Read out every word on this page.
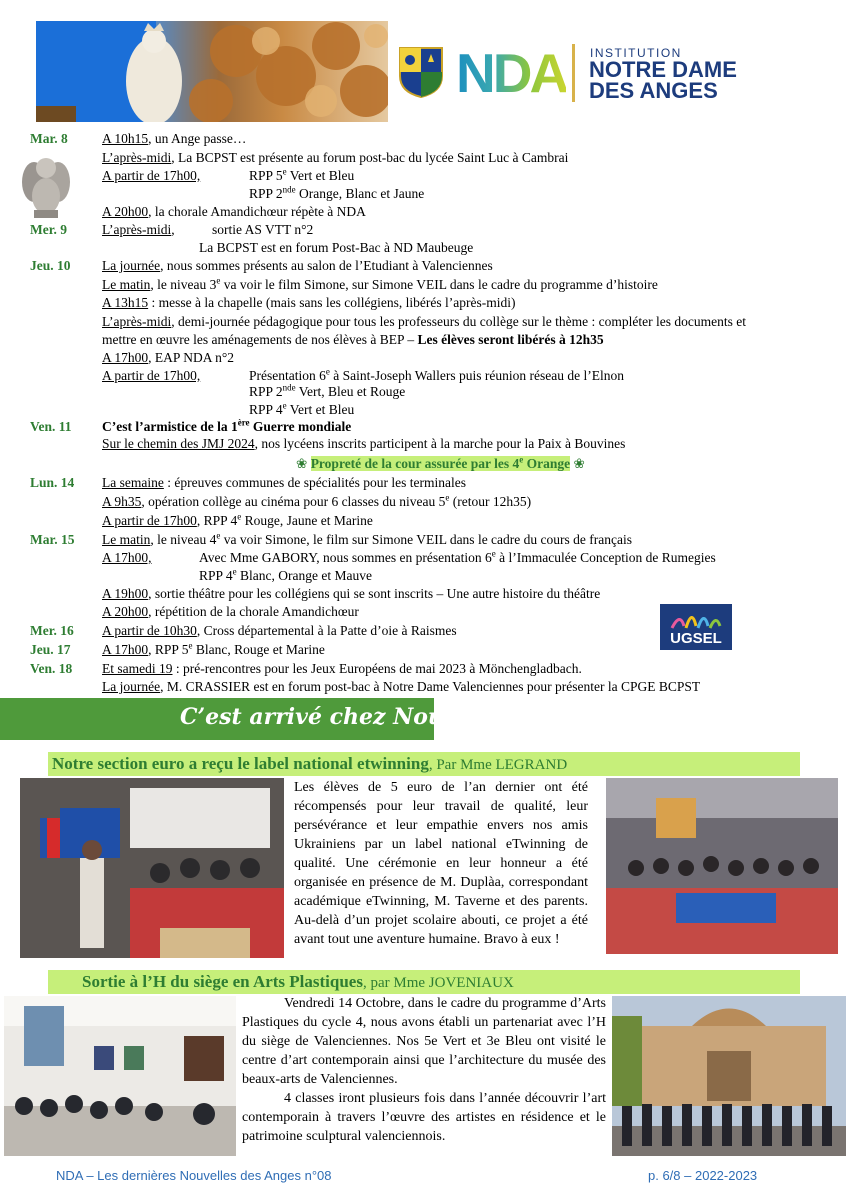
NDA INSTITUTION
NOTRE DAME
DES ANGES
Mar. 8	A 10h15, un Ange passe…
L’après-midi, La BCPST est présente au forum post-bac du lycée Saint Luc à Cambrai
A partir de 17h00,	RPP 5e Vert et Bleu
RPP 2nde Orange, Blanc et Jaune
A 20h00, la chorale Amandichœur répète à NDA
Mer. 9	L’après-midi,	sortie AS VTT n°2
La BCPST est en forum Post-Bac à ND Maubeuge
Jeu. 10 La journée, nous sommes présents au salon de l’Etudiant à Valenciennes
Le matin, le niveau 3e va voir le film Simone, sur Simone VEIL dans le cadre du programme d’histoire
A 13h15 : messe à la chapelle (mais sans les collégiens, libérés l’après-midi)
L’après-midi, demi-journée pédagogique pour tous les professeurs du collège sur le thème : compléter les documents et
mettre en œuvre les aménagements de nos élèves à BEP – Les élèves seront libérés à 12h35
A 17h00, EAP NDA n°2
A partir de 17h00,	Présentation 6e à Saint-Joseph Wallers puis réunion réseau de l’Elnon
RPP 2nde Vert, Bleu et Rouge
RPP 4e Vert et Bleu
Ven. 11 C’est l’armistice de la 1ère Guerre mondiale
Sur le chemin des JMJ 2024, nos lycéens inscrits participent à la marche pour la Paix à Bouvines
❀ Propreté de la cour assurée par les 4e Orange ❀
Lun. 14 La semaine : épreuves communes de spécialités pour les terminales
A 9h35, opération collège au cinéma pour 6 classes du niveau 5e (retour 12h35)
A partir de 17h00, RPP 4e Rouge, Jaune et Marine
Mar. 15 Le matin, le niveau 4e va voir Simone, le film sur Simone VEIL dans le cadre du cours de français
A 17h00,	Avec Mme GABORY, nous sommes en présentation 6e à l’Immaculée Conception de Rumegies
RPP 4e Blanc, Orange et Mauve
A 19h00, sortie théâtre pour les collégiens qui se sont inscrits – Une autre histoire du théâtre
A 20h00, répétition de la chorale Amandichœur
Mer. 16 A partir de 10h30, Cross départemental à la Patte d’oie à Raismes
Jeu. 17 A 17h00, RPP 5e Blanc, Rouge et Marine
Ven. 18 Et samedi 19 : pré-rencontres pour les Jeux Européens de mai 2023 à Mönchengladbach.
La journée, M. CRASSIER est en forum post-bac à Notre Dame Valenciennes pour présenter la CPGE BCPST
UGSEL
C’est arrivé chez Nous
Notre section euro a reçu le label national etwinning, Par Mme LEGRAND
Les élèves de 5 euro de l’an dernier ont été récompensés pour leur travail de qualité, leur persévérance et leur empathie envers nos amis Ukrainiens par un label national eTwinning de qualité. Une cérémonie en leur honneur a été organisée en présence de M. Duplàa, correspondant académique eTwinning, M. Taverne et des parents. Au-delà d’un projet scolaire abouti, ce projet a été avant tout une aventure humaine. Bravo à eux !
Sortie à l’H du siège en Arts Plastiques, par Mme JOVENIAUX
Vendredi 14 Octobre, dans le cadre du programme d’Arts Plastiques du cycle 4, nous avons établi un partenariat avec l’H du siège de Valenciennes. Nos 5e Vert et 3e Bleu ont visité le centre d’art contemporain ainsi que l’architecture du musée des beaux-arts de Valenciennes.
4 classes iront plusieurs fois dans l’année découvrir l’art contemporain à travers l’œuvre des artistes en résidence et le patrimoine sculptural valenciennois.
NDA – Les dernières Nouvelles des Anges n°08	p. 6/8 – 2022-2023
